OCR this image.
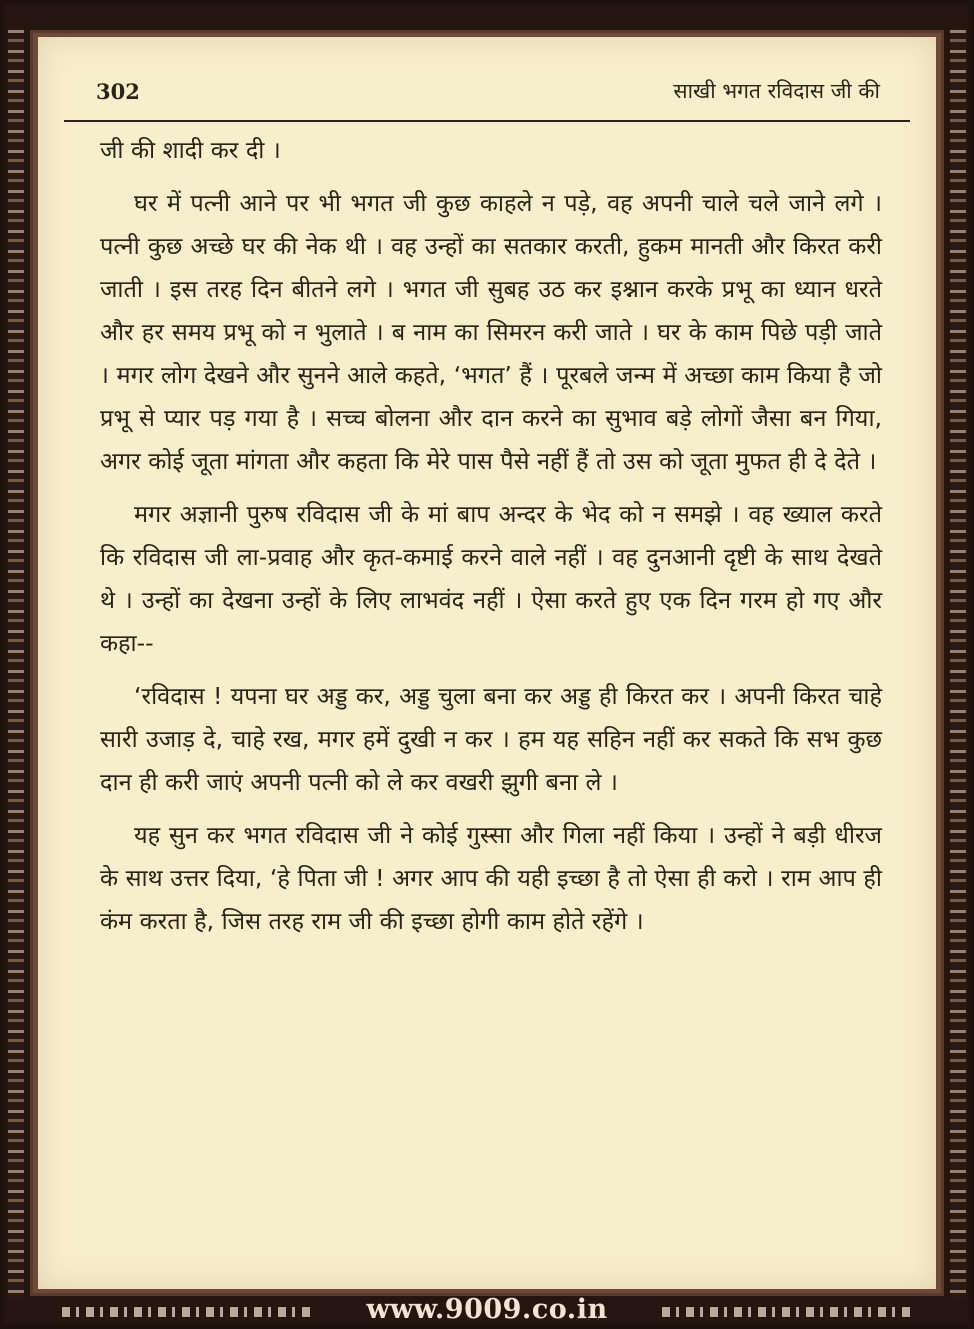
302	साखी भगत रविदास जी की

जी की शादी कर दी ।

घर में पत्नी आने पर भी भगत जी कुछ काहले न पड़े, वह अपनी चाले चले जाने लगे । पत्नी कुछ अच्छे घर की नेक थी । वह उन्हों का सतकार करती, हुकम मानती और किरत करी जाती । इस तरह दिन बीतने लगे । भगत जी सुबह उठ कर इश्नान करके प्रभू का ध्यान धरते और हर समय प्रभू को न भुलाते । ब नाम का सिमरन करी जाते । घर के काम पिछे पड़ी जाते । मगर लोग देखने और सुनने आले कहते, ‘भगत’ हैं । पूरबले जन्म में अच्छा काम किया है जो प्रभू से प्यार पड़ गया है । सच्च बोलना और दान करने का सुभाव बड़े लोगों जैसा बन गिया, अगर कोई जूता मांगता और कहता कि मेरे पास पैसे नहीं हैं तो उस को जूता मुफत ही दे देते ।

मगर अज्ञानी पुरुष रविदास जी के मां बाप अन्दर के भेद को न समझे । वह ख्याल करते कि रविदास जी ला-प्रवाह और कृत-कमाई करने वाले नहीं । वह दुनआनी दृष्टी के साथ देखते थे । उन्हों का देखना उन्हों के लिए लाभवंद नहीं । ऐसा करते हुए एक दिन गरम हो गए और कहा--

‘रविदास ! यपना घर अड्ड कर, अड्ड चुला बना कर अड्ड ही किरत कर । अपनी किरत चाहे सारी उजाड़ दे, चाहे रख, मगर हमें दुखी न कर । हम यह सहिन नहीं कर सकते कि सभ कुछ दान ही करी जाएं अपनी पत्नी को ले कर वखरी झुगी बना ले ।

यह सुन कर भगत रविदास जी ने कोई गुस्सा और गिला नहीं किया । उन्हों ने बड़ी धीरज के साथ उत्तर दिया, ‘हे पिता जी ! अगर आप की यही इच्छा है तो ऐसा ही करो । राम आप ही कंम करता है, जिस तरह राम जी की इच्छा होगी काम होते रहेंगे ।

www.9009.co.in
